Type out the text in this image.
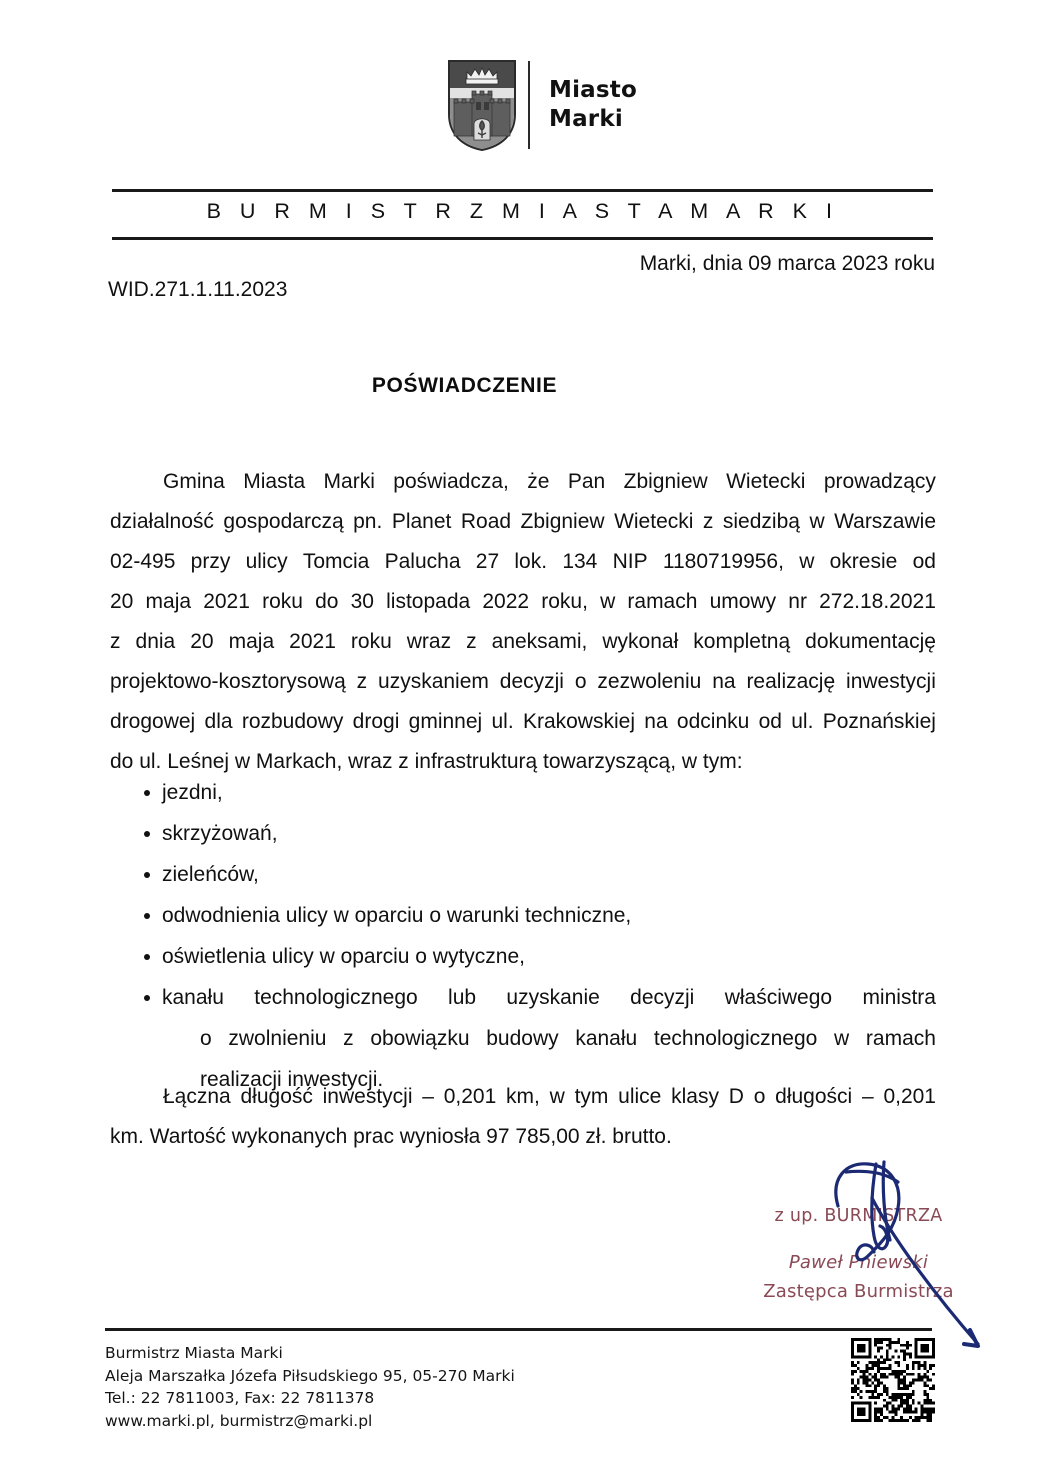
Miasto
Marki
B U R M I S T R Z M I A S T A M A R K I
Marki, dnia 09 marca 2023 roku
WID.271.1.11.2023
POŚWIADCZENIE
Gmina Miasta Marki poświadcza, że Pan Zbigniew Wietecki prowadzący
działalność gospodarczą pn. Planet Road Zbigniew Wietecki z siedzibą w Warszawie
02-495 przy ulicy Tomcia Palucha 27 lok. 134 NIP 1180719956, w okresie od
20 maja 2021 roku do 30 listopada 2022 roku, w ramach umowy nr 272.18.2021
z dnia 20 maja 2021 roku wraz z aneksami, wykonał kompletną dokumentację
projektowo-kosztorysową z uzyskaniem decyzji o zezwoleniu na realizację inwestycji
drogowej dla rozbudowy drogi gminnej ul. Krakowskiej na odcinku od ul. Poznańskiej
do ul. Leśnej w Markach, wraz z infrastrukturą towarzyszącą, w tym:
jezdni,
skrzyżowań,
zieleńców,
odwodnienia ulicy w oparciu o warunki techniczne,
oświetlenia ulicy w oparciu o wytyczne,
kanału technologicznego lub uzyskanie decyzji właściwego ministra
o zwolnieniu z obowiązku budowy kanału technologicznego w ramach
realizacji inwestycji.
Łączna długość inwestycji – 0,201 km, w tym ulice klasy D o długości – 0,201
km. Wartość wykonanych prac wyniosła 97 785,00 zł. brutto.
z up. BURMISTRZA
Paweł Pniewski
Zastępca Burmistrza
Burmistrz Miasta Marki
Aleja Marszałka Józefa Piłsudskiego 95, 05-270 Marki
Tel.: 22 7811003, Fax: 22 7811378
www.marki.pl, burmistrz@marki.pl
